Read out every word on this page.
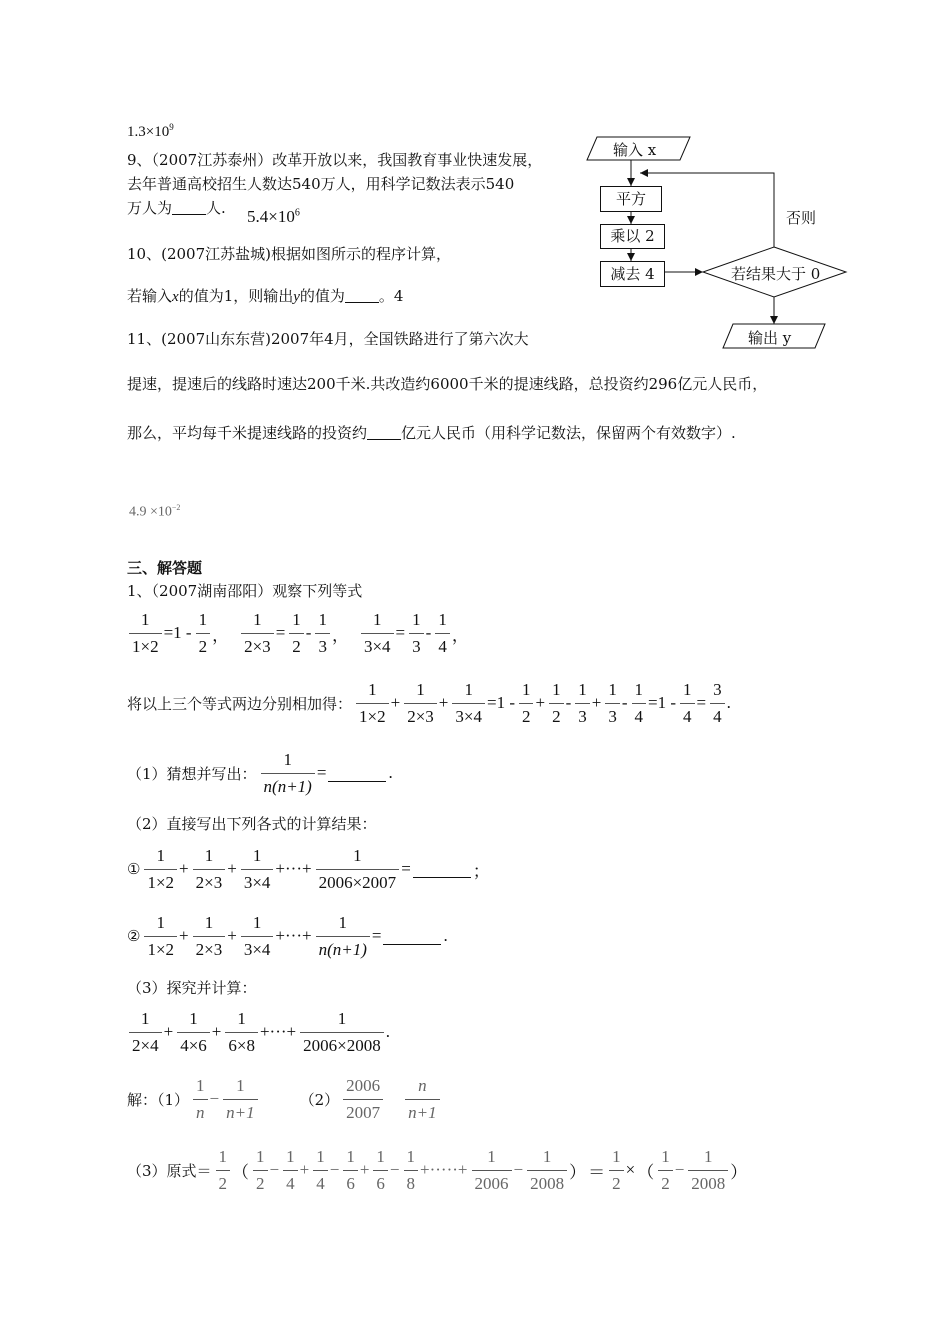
$1.3\times 10^9$
9、（2007江苏泰州）改革开放以来，我国教育事业快速发展，
去年普通高校招生人数达540万人，用科学记数法表示540
万人为 人. $5.4\times 10^6$
10、(2007江苏盐城)根据如图所示的程序计算，
若输入x的值为1，则输出y的值为 。4
11、(2007山东东营)2007年4月，全国铁路进行了第六次大
提速，提速后的线路时速达200千米.共改造约6000千米的提速线路，总投资约296亿元人民币，
那么，平均每千米提速线路的投资约 亿元人民币（用科学记数法，保留两个有效数字）.
$4.9 \times 10^{-2}$
输入 x
平方
乘以 2
减去 4	若结果大于 0
否则
输出 y
三、解答题
1、（2007湖南邵阳）观察下列等式
$\frac{1}{1\times 2} =1 - \frac{1}{2}$ ， $\frac{1}{2\times 3} = \frac{1}{2} - \frac{1}{3}$ ， $\frac{1}{3\times 4} = \frac{1}{3} - \frac{1}{4}$ ，
将以上三个等式两边分别相加得： $\frac{1}{1\times 2} + \frac{1}{2\times 3} + \frac{1}{3\times 4} =1 - \frac{1}{2} + \frac{1}{2} - \frac{1}{3} + \frac{1}{3} - \frac{1}{4} =1 - \frac{1}{4} = \frac{3}{4}$ .
（1）猜想并写出： $\frac{1}{n(n+1)}$ =	.
（2）直接写出下列各式的计算结果：
① $\frac{1}{1\times 2} + \frac{1}{2\times 3} + \frac{1}{3\times 4}$ +···+ $\frac{1}{2006\times 2007}$ =	；
② $\frac{1}{1\times 2} + \frac{1}{2\times 3} + \frac{1}{3\times 4}$ +···+ $\frac{1}{n(n+1)}$ =	.
（3）探究并计算：
$\frac{1}{2\times 4} + \frac{1}{4\times 6} + \frac{1}{6\times 8}$ +···+ $\frac{1}{2006\times 2008}$ .
解：$(1) \frac{1}{n} - \frac{1}{n+1}$	$(2) \frac{2006}{2007} \frac{n}{n+1}$
（3）原式＝ $\frac{1}{2}$ （ $\frac{1}{2} - \frac{1}{4} + \frac{1}{4} - \frac{1}{6} + \frac{1}{6} - \frac{1}{8}$ +·····+ $\frac{1}{2006} - \frac{1}{2008}$ ） ＝ $\frac{1}{2}$ × （ $\frac{1}{2} - \frac{1}{2008}$ ）
